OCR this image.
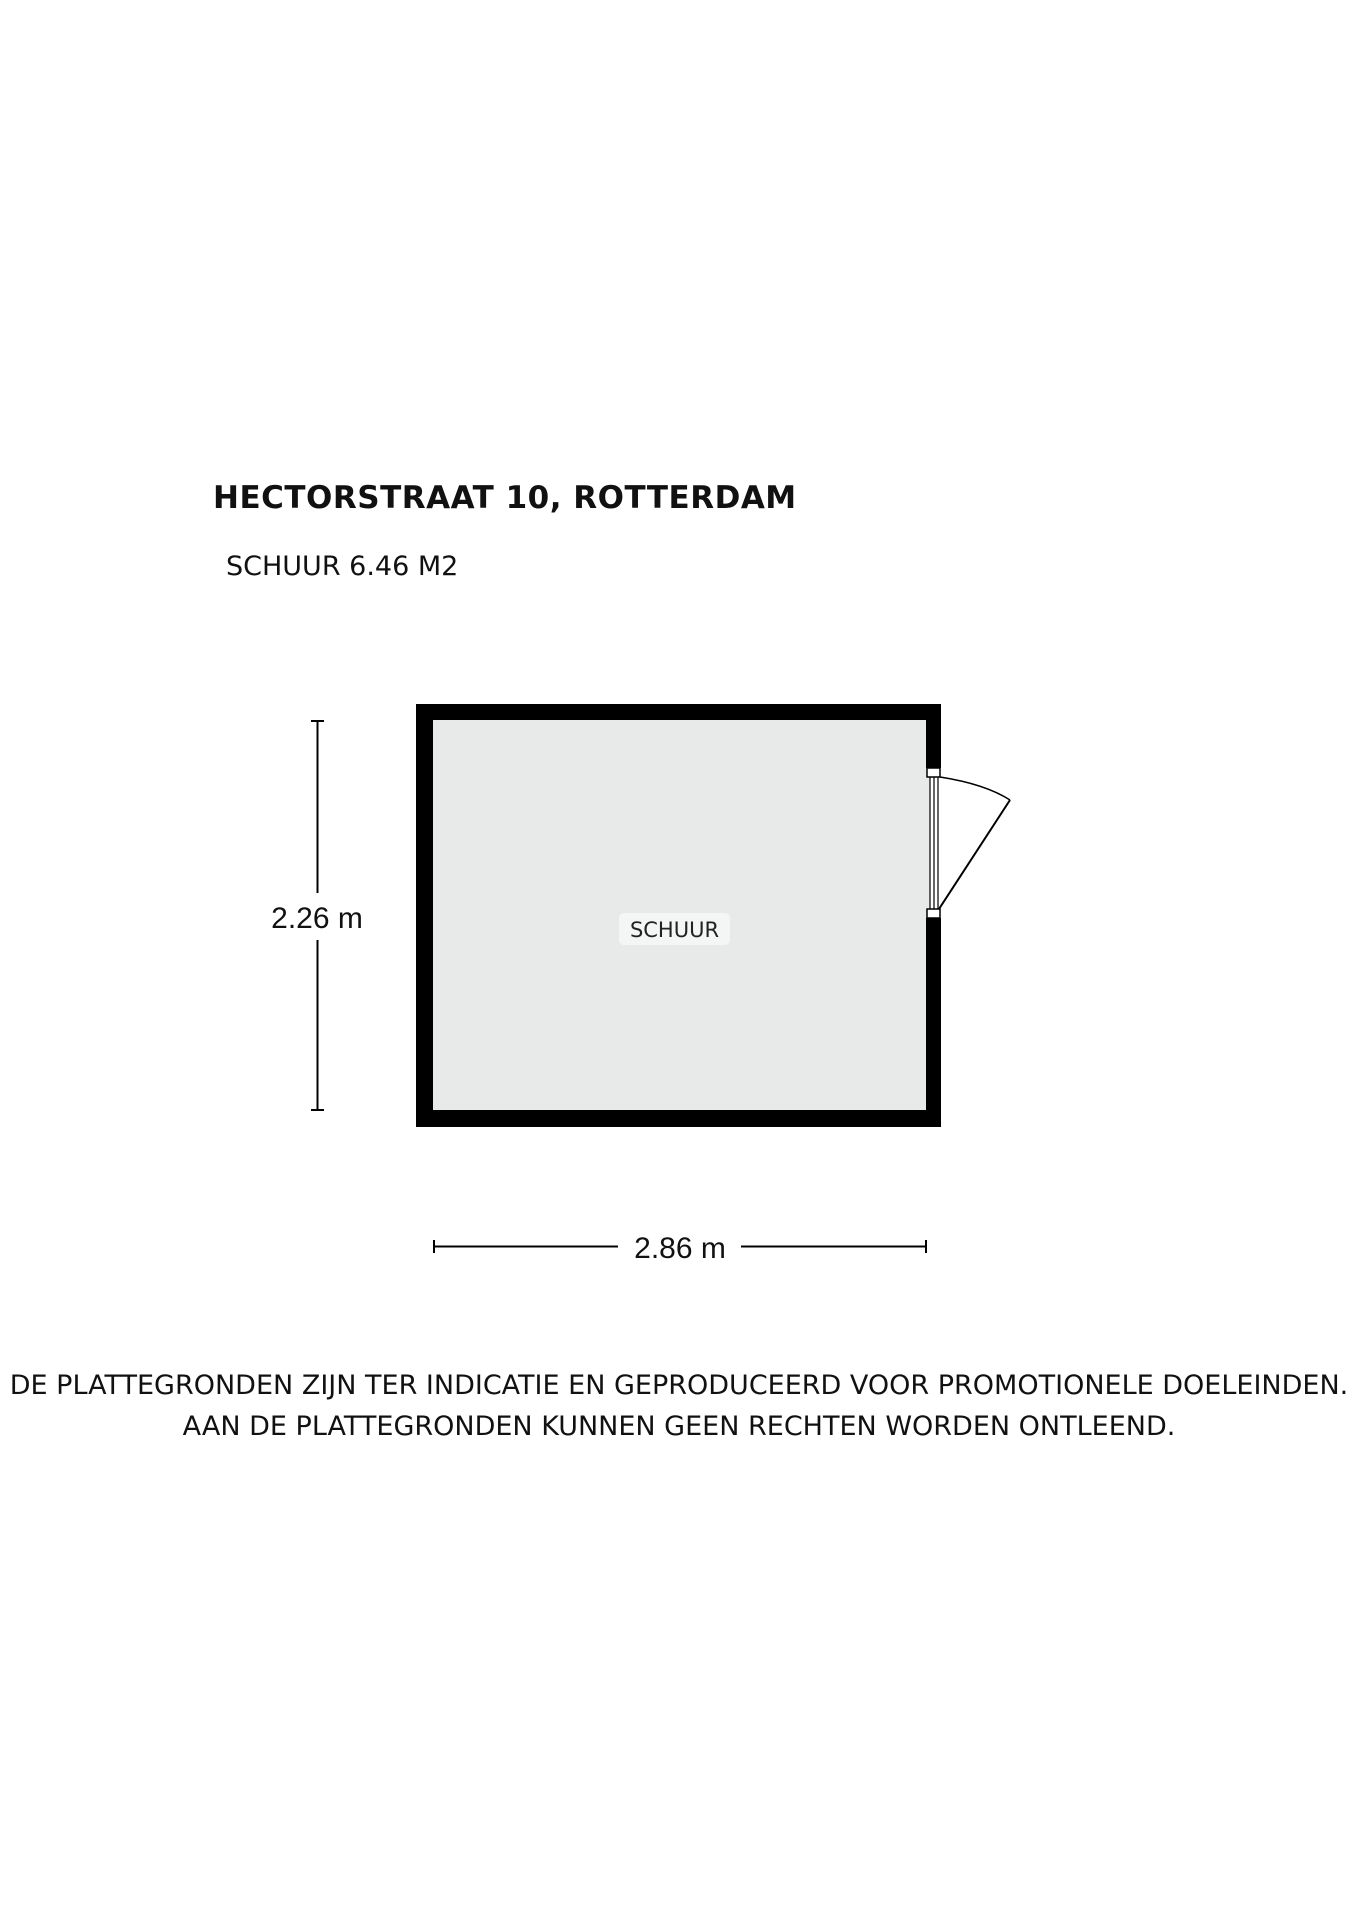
HECTORSTRAAT 10, ROTTERDAM
SCHUUR 6.46 M2
SCHUUR
2.26 m
2.86 m
DE PLATTEGRONDEN ZIJN TER INDICATIE EN GEPRODUCEERD VOOR PROMOTIONELE DOELEINDEN.
AAN DE PLATTEGRONDEN KUNNEN GEEN RECHTEN WORDEN ONTLEEND.
